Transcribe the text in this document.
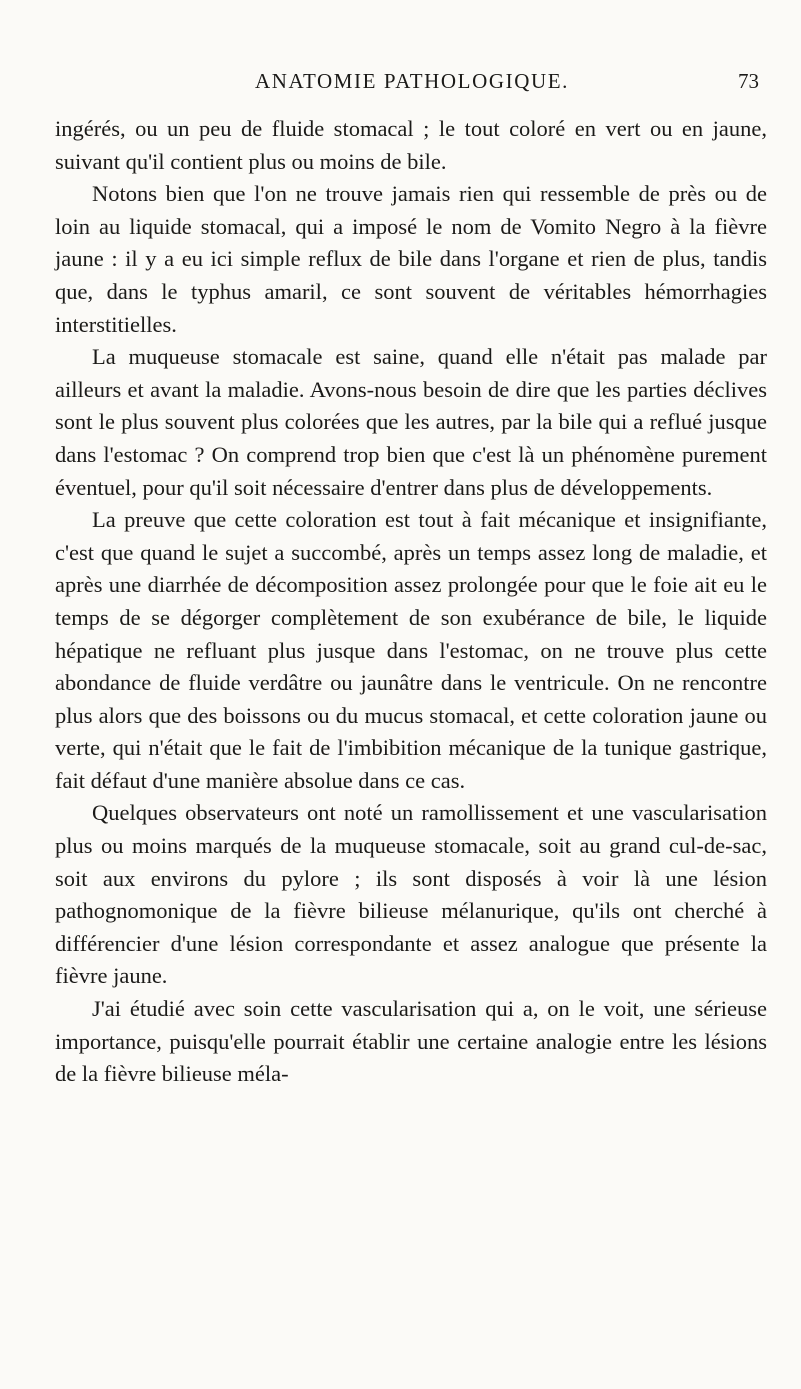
ANATOMIE PATHOLOGIQUE.	73

ingérés, ou un peu de fluide stomacal ; le tout coloré en vert ou en jaune, suivant qu'il contient plus ou moins de bile.

Notons bien que l'on ne trouve jamais rien qui ressemble de près ou de loin au liquide stomacal, qui a imposé le nom de Vomito Negro à la fièvre jaune : il y a eu ici simple reflux de bile dans l'organe et rien de plus, tandis que, dans le typhus amaril, ce sont souvent de véritables hémorrhagies interstitielles.

La muqueuse stomacale est saine, quand elle n'était pas malade par ailleurs et avant la maladie. Avons-nous besoin de dire que les parties déclives sont le plus souvent plus colorées que les autres, par la bile qui a reflué jusque dans l'estomac ? On comprend trop bien que c'est là un phénomène purement éventuel, pour qu'il soit nécessaire d'entrer dans plus de développements.

La preuve que cette coloration est tout à fait mécanique et insignifiante, c'est que quand le sujet a succombé, après un temps assez long de maladie, et après une diarrhée de décomposition assez prolongée pour que le foie ait eu le temps de se dégorger complètement de son exubérance de bile, le liquide hépatique ne refluant plus jusque dans l'estomac, on ne trouve plus cette abondance de fluide verdâtre ou jaunâtre dans le ventricule. On ne rencontre plus alors que des boissons ou du mucus stomacal, et cette coloration jaune ou verte, qui n'était que le fait de l'imbibition mécanique de la tunique gastrique, fait défaut d'une manière absolue dans ce cas.

Quelques observateurs ont noté un ramollissement et une vascularisation plus ou moins marqués de la muqueuse stomacale, soit au grand cul-de-sac, soit aux environs du pylore ; ils sont disposés à voir là une lésion pathognomonique de la fièvre bilieuse mélanurique, qu'ils ont cherché à différencier d'une lésion correspondante et assez analogue que présente la fièvre jaune.

J'ai étudié avec soin cette vascularisation qui a, on le voit, une sérieuse importance, puisqu'elle pourrait établir une certaine analogie entre les lésions de la fièvre bilieuse méla-
